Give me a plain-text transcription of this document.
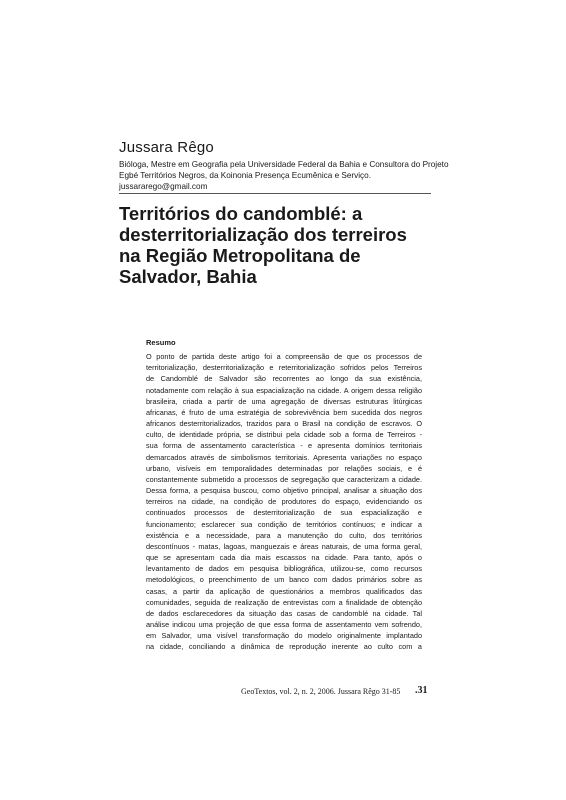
Jussara Rêgo
Bióloga, Mestre em Geografia pela Universidade Federal da Bahia e Consultora do Projeto
Egbé Territórios Negros, da Koinonia Presença Ecumênica e Serviço.
jussararego@gmail.com
Territórios do candomblé: a
desterritorialização dos terreiros
na Região Metropolitana de
Salvador, Bahia
Resumo
O ponto de partida deste artigo foi a compreensão de que os processos de
territorialização, desterritorialização e reterritorialização sofridos pelos Terreiros
de Candomblé de Salvador são recorrentes ao longo da sua existência,
notadamente com relação à sua espacialização na cidade. A origem dessa religião
brasileira, criada a partir de uma agregação de diversas estruturas litúrgicas
africanas, é fruto de uma estratégia de sobrevivência bem sucedida dos negros
africanos desterritorializados, trazidos para o Brasil na condição de escravos. O
culto, de identidade própria, se distribui pela cidade sob a forma de Terreiros -
sua forma de assentamento característica - e apresenta domínios territoriais
demarcados através de simbolismos territoriais. Apresenta variações no espaço
urbano, visíveis em temporalidades determinadas por relações sociais, e é
constantemente submetido a processos de segregação que caracterizam a cidade.
Dessa forma, a pesquisa buscou, como objetivo principal, analisar a situação dos
terreiros na cidade, na condição de produtores do espaço, evidenciando os
continuados processos de desterritorialização de sua espacialização e
funcionamento; esclarecer sua condição de territórios contínuos; e indicar a
existência e a necessidade, para a manutenção do culto, dos territórios
descontínuos - matas, lagoas, manguezais e áreas naturais, de uma forma geral,
que se apresentam cada dia mais escassos na cidade. Para tanto, após o
levantamento de dados em pesquisa bibliográfica, utilizou-se, como recursos
metodológicos, o preenchimento de um banco com dados primários sobre as
casas, a partir da aplicação de questionários a membros qualificados das
comunidades, seguida de realização de entrevistas com a finalidade de obtenção
de dados esclarecedores da situação das casas de candomblé na cidade. Tal
análise indicou uma projeção de que essa forma de assentamento vem sofrendo,
em Salvador, uma visível transformação do modelo originalmente implantado
na cidade, conciliando a dinâmica de reprodução inerente ao culto com a
GeoTextos, vol. 2, n. 2, 2006. Jussara Rêgo 31-85 .31
